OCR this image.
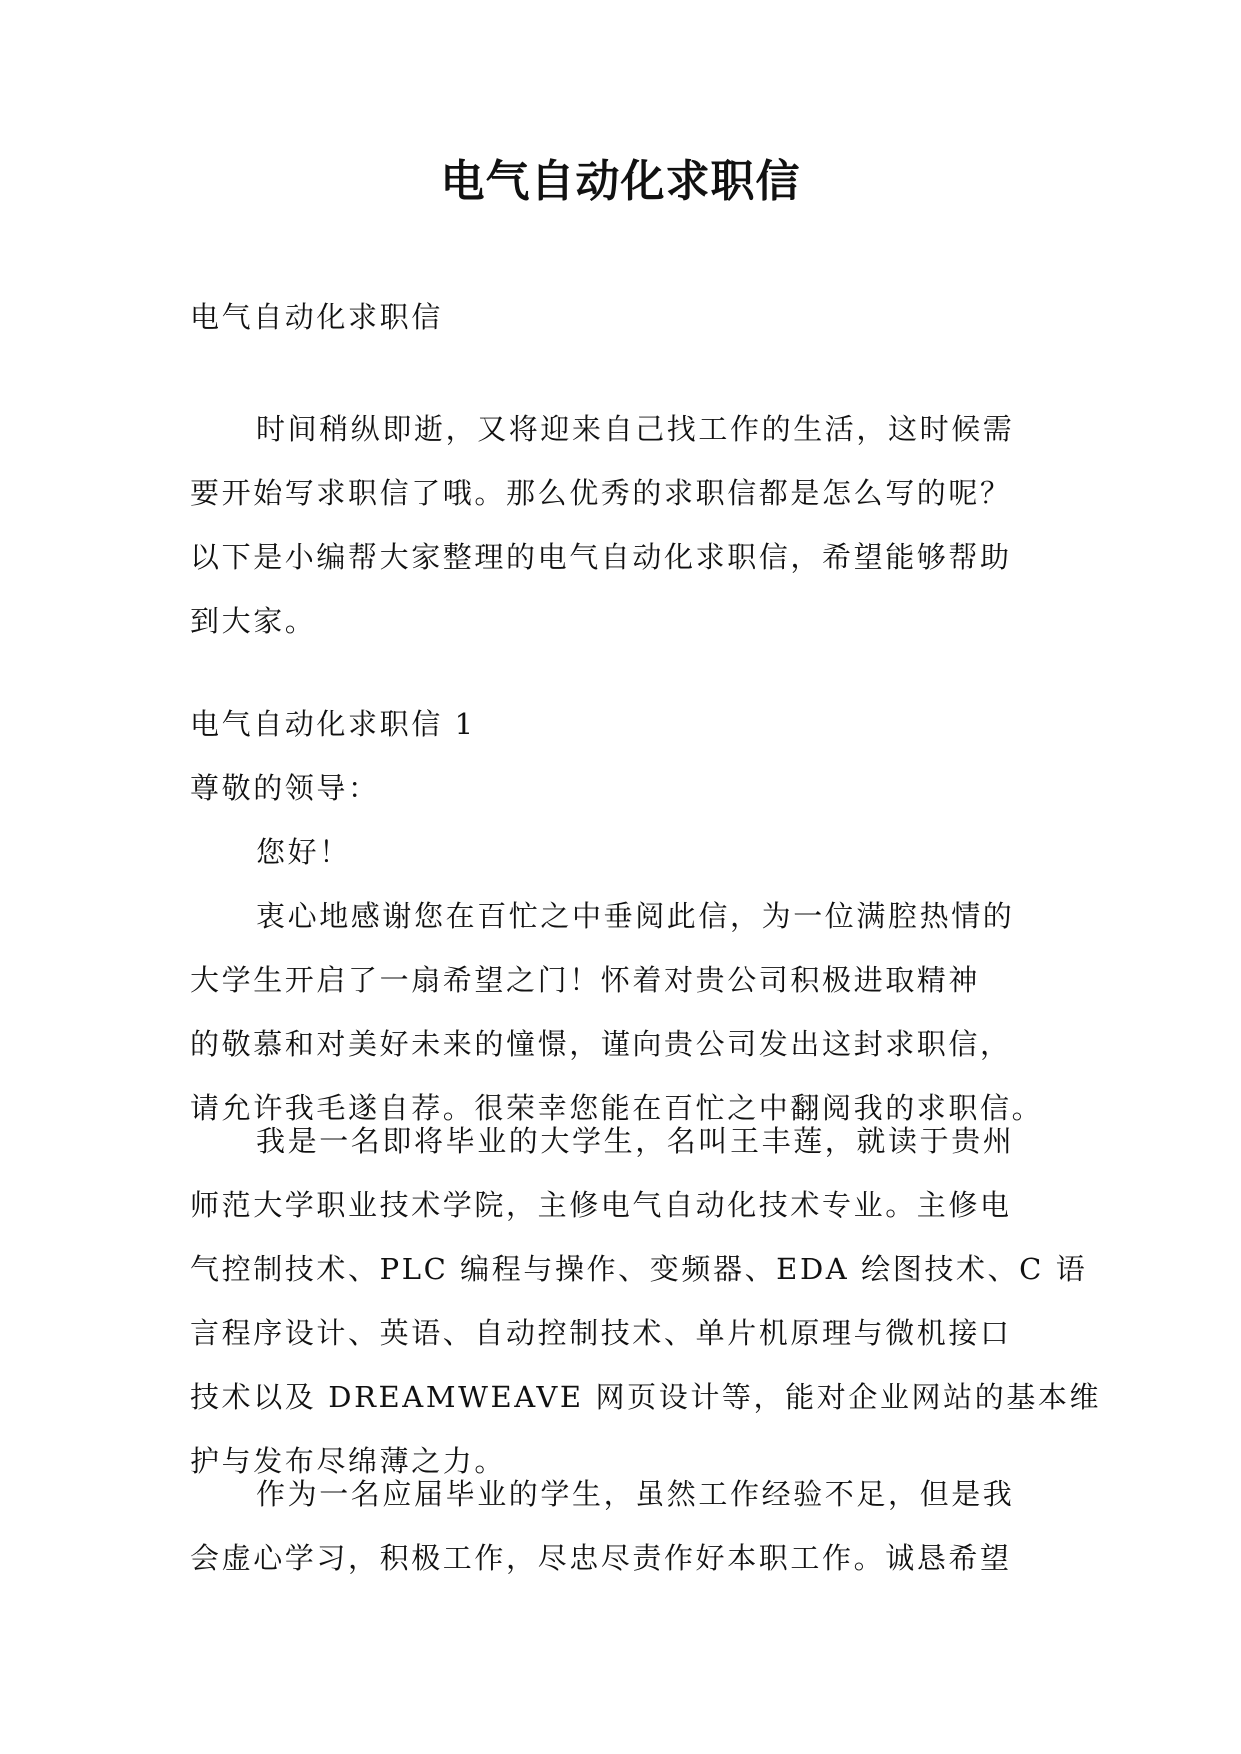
电气自动化求职信
电气自动化求职信
时间稍纵即逝，又将迎来自己找工作的生活，这时候需
要开始写求职信了哦。那么优秀的求职信都是怎么写的呢？
以下是小编帮大家整理的电气自动化求职信，希望能够帮助
到大家。
电气自动化求职信 1
尊敬的领导：
您好！
衷心地感谢您在百忙之中垂阅此信，为一位满腔热情的
大学生开启了一扇希望之门！怀着对贵公司积极进取精神
的敬慕和对美好未来的憧憬，谨向贵公司发出这封求职信，
请允许我毛遂自荐。很荣幸您能在百忙之中翻阅我的求职信。
我是一名即将毕业的大学生，名叫王丰莲，就读于贵州
师范大学职业技术学院，主修电气自动化技术专业。主修电
气控制技术、PLC 编程与操作、变频器、EDA 绘图技术、C 语
言程序设计、英语、自动控制技术、单片机原理与微机接口
技术以及 DREAMWEAVE 网页设计等，能对企业网站的基本维
护与发布尽绵薄之力。
作为一名应届毕业的学生，虽然工作经验不足，但是我
会虚心学习，积极工作，尽忠尽责作好本职工作。诚恳希望
